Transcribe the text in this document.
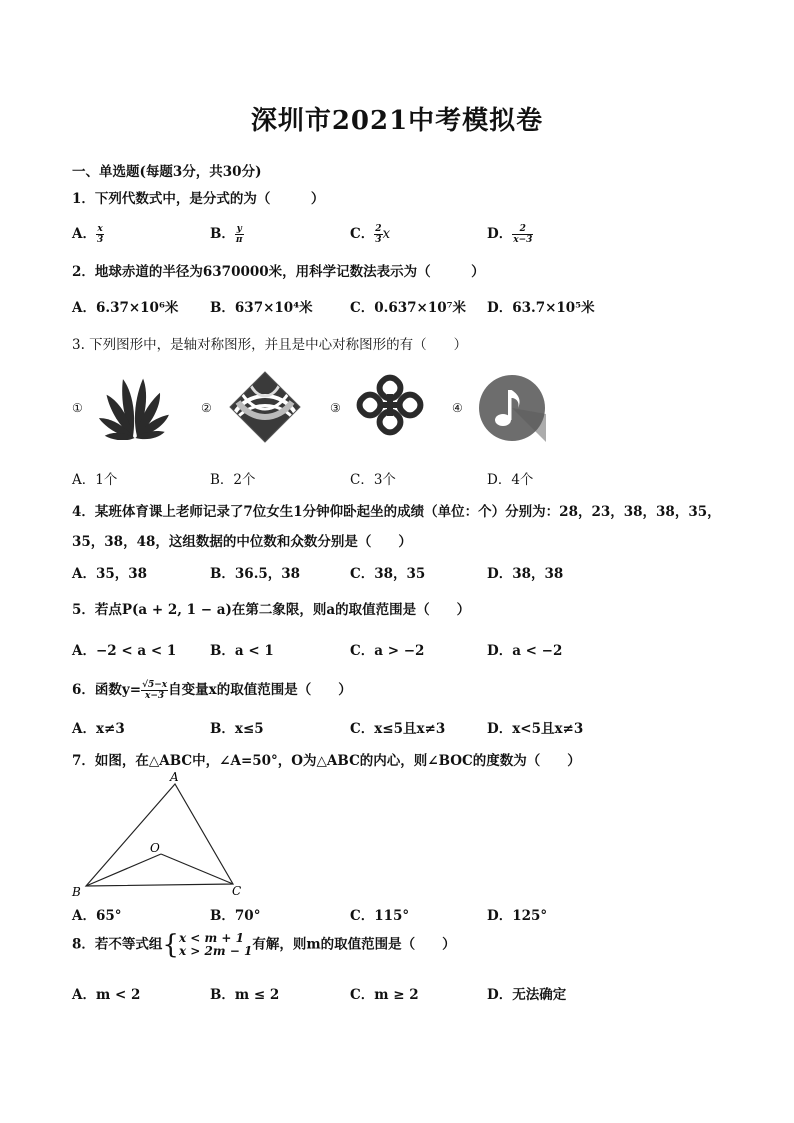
深圳市2021中考模拟卷
一、单选题(每题3分，共30分)
1．下列代数式中，是分式的为（　　　）
A． $\frac{x}{3}$	B． $\frac{y}{\pi}$	C． $\frac{2}{3}$ x	D． $\frac{2}{x-3}$
2．地球赤道的半径为6370000米，用科学记数法表示为（　　　）
A．6.37×10⁶米 B．637×10⁴米	C．0.637×10⁷米 D．63.7×10⁵米
3. 下列图形中，是轴对称图形，并且是中心对称图形的有（　　）
①	②	③	④
A．1个	B．2个	C．3个	D．4个
4．某班体育课上老师记录了7位女生1分钟仰卧起坐的成绩（单位：个）分别为：28，23，38，38，35，
35，38，48，这组数据的中位数和众数分别是（　　）
A．35，38	B．36.5，38	C．38，35	D．38，38
5．若点P(a + 2, 1 − a)在第二象限，则a的取值范围是（　　）
A．−2 < a < 1	B．a < 1	C．a > −2	D．a < −2
6．函数$y= \frac{√5-x}{x-3}$ 自变量x的取值范围是（　　）
A．x≠3	B．x≤5	C．x≤5且x≠3	D．x<5且x≠3
7．如图，在△ABC中，∠A=50°，O为△ABC的内心，则∠BOC的度数为（　　）
A
B	C
O
A．65°	B．70°	C．115°	D．125°
8．若不等式组{ x < m + 1
x > 2m − 1 有解，则m的取值范围是（　　）
A．m < 2	B．m ≤ 2	C．m ≥ 2	D．无法确定
